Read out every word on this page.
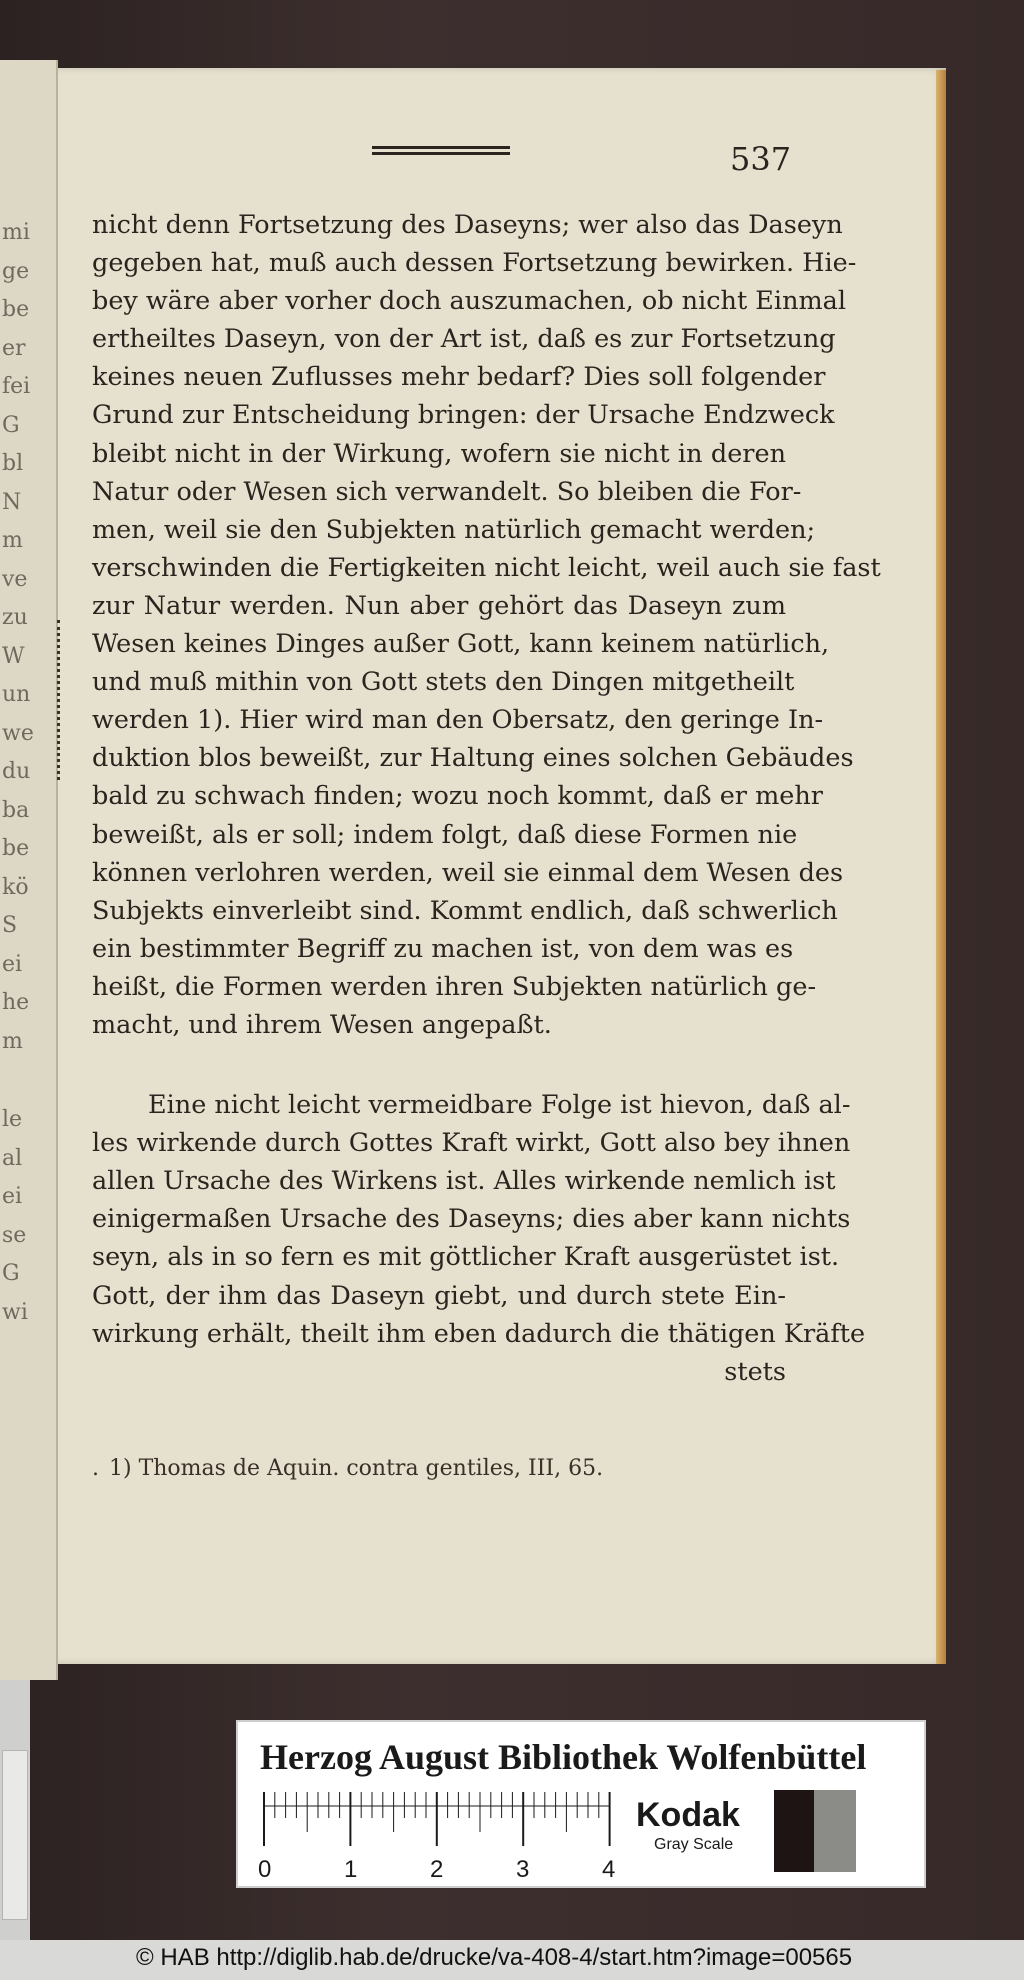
mi
ge
be
er
fei
G
bl
N
m
ve
zu
W
un
we
du
ba
be
kö
S
ei
he
m
le
al
ei
se
G
wi
537
nicht denn Fortsetzung des Daseyns; wer also das Daseyn
gegeben hat, muß auch dessen Fortsetzung bewirken. Hie-
bey wäre aber vorher doch auszumachen, ob nicht Einmal
ertheiltes Daseyn, von der Art ist, daß es zur Fortsetzung
keines neuen Zuflusses mehr bedarf? Dies soll folgender
Grund zur Entscheidung bringen: der Ursache Endzweck
bleibt nicht in der Wirkung, wofern sie nicht in deren
Natur oder Wesen sich verwandelt. So bleiben die For-
men, weil sie den Subjekten natürlich gemacht werden;
verschwinden die Fertigkeiten nicht leicht, weil auch sie fast
zur Natur werden. Nun aber gehört das Daseyn zum
Wesen keines Dinges außer Gott, kann keinem natürlich,
und muß mithin von Gott stets den Dingen mitgetheilt
werden 1). Hier wird man den Obersatz, den geringe In-
duktion blos beweißt, zur Haltung eines solchen Gebäudes
bald zu schwach finden; wozu noch kommt, daß er mehr
beweißt, als er soll; indem folgt, daß diese Formen nie
können verlohren werden, weil sie einmal dem Wesen des
Subjekts einverleibt sind. Kommt endlich, daß schwerlich
ein bestimmter Begriff zu machen ist, von dem was es
heißt, die Formen werden ihren Subjekten natürlich ge-
macht, und ihrem Wesen angepaßt.
Eine nicht leicht vermeidbare Folge ist hievon, daß al-
les wirkende durch Gottes Kraft wirkt, Gott also bey ihnen
allen Ursache des Wirkens ist. Alles wirkende nemlich ist
einigermaßen Ursache des Daseyns; dies aber kann nichts
seyn, als in so fern es mit göttlicher Kraft ausgerüstet ist.
Gott, der ihm das Daseyn giebt, und durch stete Ein-
wirkung erhält, theilt ihm eben dadurch die thätigen Kräfte
stets
. 1) Thomas de Aquin. contra gentiles, III, 65.
Herzog August Bibliothek Wolfenbüttel
Kodak
Gray Scale
0	1	2	3	4
© HAB http://diglib.hab.de/drucke/va-408-4/start.htm?image=00565
